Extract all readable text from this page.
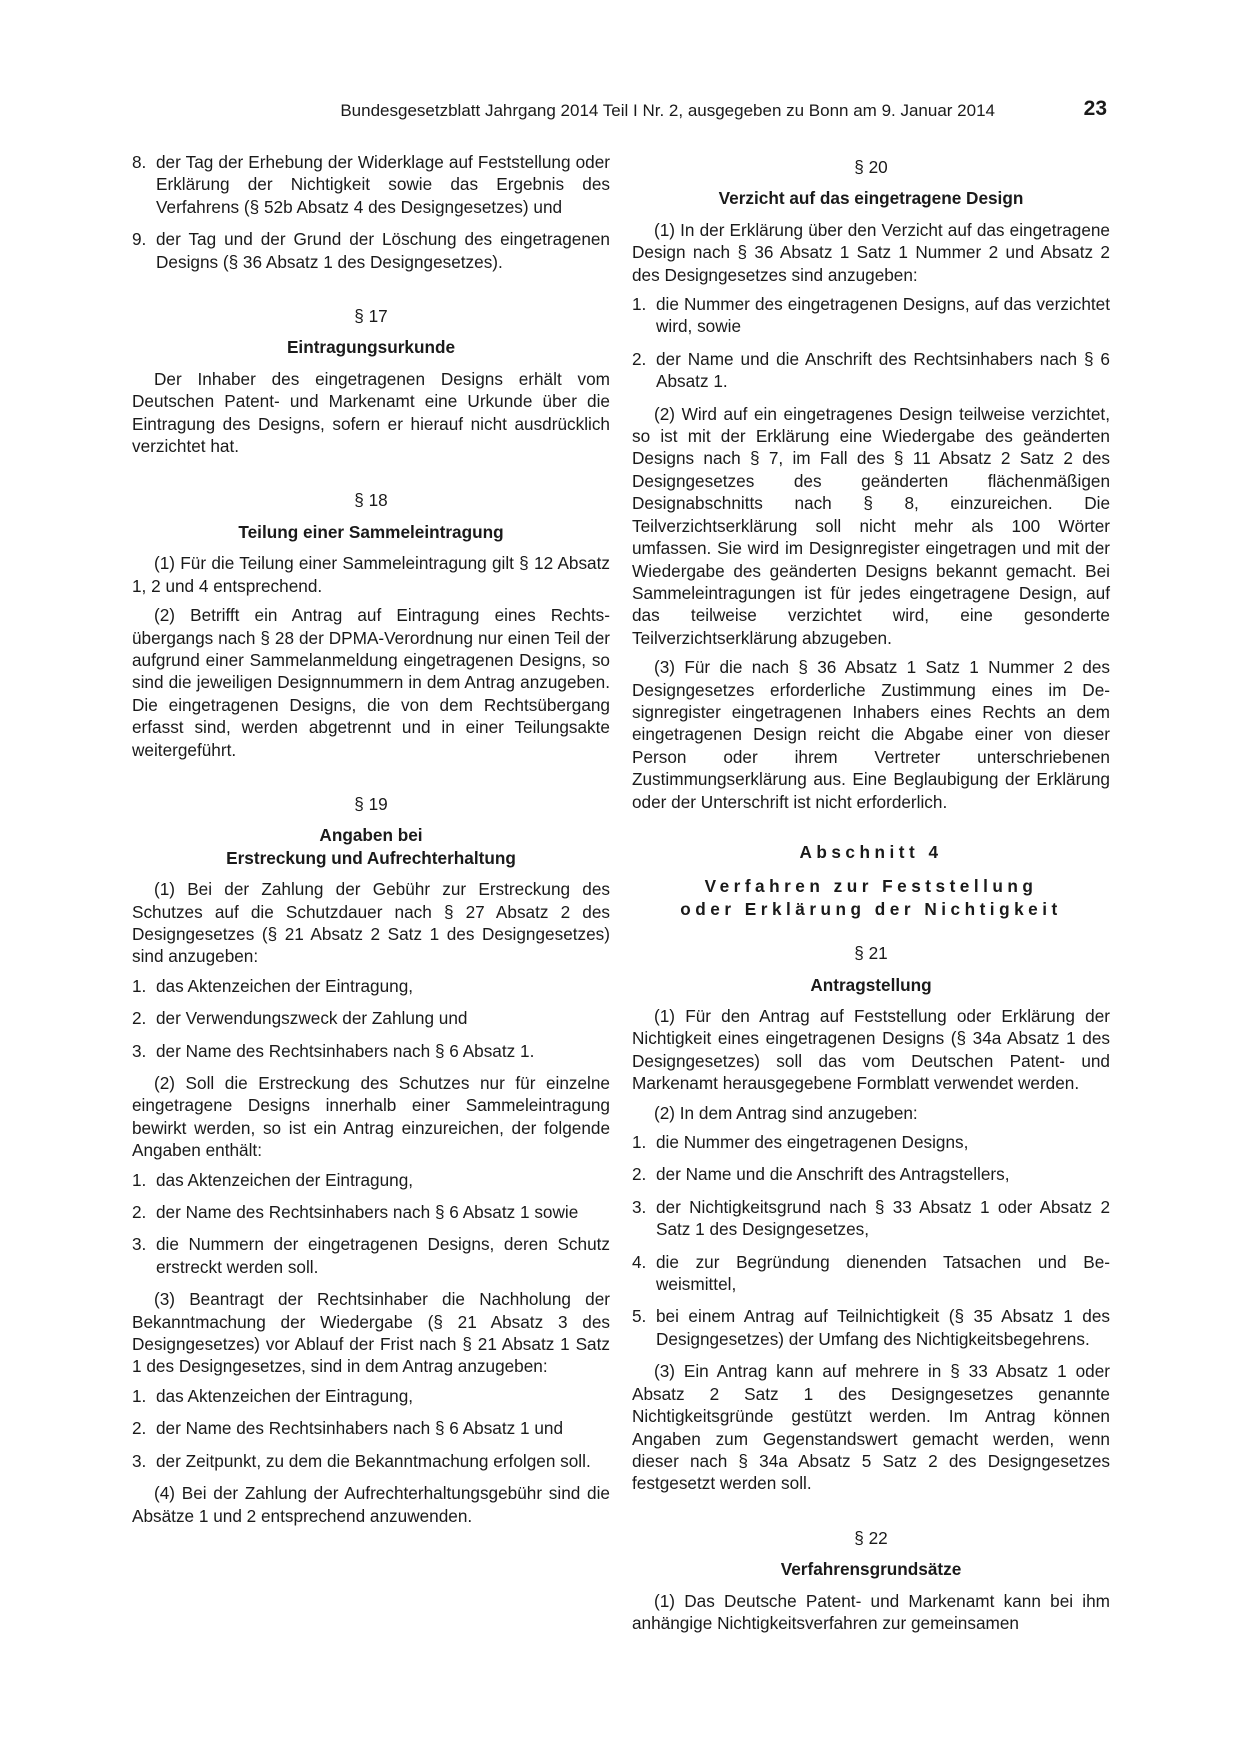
Bundesgesetzblatt Jahrgang 2014 Teil I Nr. 2, ausgegeben zu Bonn am 9. Januar 2014	23
8. der Tag der Erhebung der Widerklage auf Feststellung oder Erklärung der Nichtigkeit sowie das Ergebnis des Verfahrens (§ 52b Absatz 4 des Designgesetzes) und
9. der Tag und der Grund der Löschung des eingetragenen Designs (§ 36 Absatz 1 des Designgesetzes).
§ 17
Eintragungsurkunde

Der Inhaber des eingetragenen Designs erhält vom Deutschen Patent- und Markenamt eine Urkunde über die Eintragung des Designs, sofern er hierauf nicht ausdrücklich verzichtet hat.

§ 18
Teilung einer Sammeleintragung

(1) Für die Teilung einer Sammeleintragung gilt § 12 Absatz 1, 2 und 4 entsprechend.

(2) Betrifft ein Antrag auf Eintragung eines Rechtsübergangs nach § 28 der DPMA-Verordnung nur einen Teil der aufgrund einer Sammelanmeldung eingetragenen Designs, so sind die jeweiligen Designnummern in dem Antrag anzugeben. Die eingetragenen Designs, die von dem Rechtsübergang erfasst sind, werden abgetrennt und in einer Teilungsakte weitergeführt.

§ 19
Angaben bei
Erstreckung und Aufrechterhaltung

(1) Bei der Zahlung der Gebühr zur Erstreckung des Schutzes auf die Schutzdauer nach § 27 Absatz 2 des Designgesetzes (§ 21 Absatz 2 Satz 1 des Designgesetzes) sind anzugeben:

1. das Aktenzeichen der Eintragung,
2. der Verwendungszweck der Zahlung und
3. der Name des Rechtsinhabers nach § 6 Absatz 1.

(2) Soll die Erstreckung des Schutzes nur für einzelne eingetragene Designs innerhalb einer Sammeleintragung bewirkt werden, so ist ein Antrag einzureichen, der folgende Angaben enthält:

1. das Aktenzeichen der Eintragung,
2. der Name des Rechtsinhabers nach § 6 Absatz 1 sowie
3. die Nummern der eingetragenen Designs, deren Schutz erstreckt werden soll.

(3) Beantragt der Rechtsinhaber die Nachholung der Bekanntmachung der Wiedergabe (§ 21 Absatz 3 des Designgesetzes) vor Ablauf der Frist nach § 21 Absatz 1 Satz 1 des Designgesetzes, sind in dem Antrag anzugeben:

1. das Aktenzeichen der Eintragung,
2. der Name des Rechtsinhabers nach § 6 Absatz 1 und
3. der Zeitpunkt, zu dem die Bekanntmachung erfolgen soll.

(4) Bei der Zahlung der Aufrechterhaltungsgebühr sind die Absätze 1 und 2 entsprechend anzuwenden.

§ 20
Verzicht auf das eingetragene Design

(1) In der Erklärung über den Verzicht auf das eingetragene Design nach § 36 Absatz 1 Satz 1 Nummer 2 und Absatz 2 des Designgesetzes sind anzugeben:

1. die Nummer des eingetragenen Designs, auf das verzichtet wird, sowie
2. der Name und die Anschrift des Rechtsinhabers nach § 6 Absatz 1.

(2) Wird auf ein eingetragenes Design teilweise verzichtet, so ist mit der Erklärung eine Wiedergabe des geänderten Designs nach § 7, im Fall des § 11 Absatz 2 Satz 2 des Designgesetzes des geänderten flächenmäßigen Designabschnitts nach § 8, einzureichen. Die Teilverzichtserklärung soll nicht mehr als 100 Wörter umfassen. Sie wird im Designregister eingetragen und mit der Wiedergabe des geänderten Designs bekannt gemacht. Bei Sammeleintragungen ist für jedes eingetragene Design, auf das teilweise verzichtet wird, eine gesonderte Teilverzichtserklärung abzugeben.

(3) Für die nach § 36 Absatz 1 Satz 1 Nummer 2 des Designgesetzes erforderliche Zustimmung eines im Designregister eingetragenen Inhabers eines Rechts an dem eingetragenen Design reicht die Abgabe einer von dieser Person oder ihrem Vertreter unterschriebenen Zustimmungserklärung aus. Eine Beglaubigung der Erklärung oder der Unterschrift ist nicht erforderlich.

Abschnitt 4
Verfahren zur Feststellung
oder Erklärung der Nichtigkeit
§ 21
Antragstellung

(1) Für den Antrag auf Feststellung oder Erklärung der Nichtigkeit eines eingetragenen Designs (§ 34a Absatz 1 des Designgesetzes) soll das vom Deutschen Patent- und Markenamt herausgegebene Formblatt verwendet werden.

(2) In dem Antrag sind anzugeben:

1. die Nummer des eingetragenen Designs,
2. der Name und die Anschrift des Antragstellers,
3. der Nichtigkeitsgrund nach § 33 Absatz 1 oder Absatz 2 Satz 1 des Designgesetzes,
4. die zur Begründung dienenden Tatsachen und Beweismittel,
5. bei einem Antrag auf Teilnichtigkeit (§ 35 Absatz 1 des Designgesetzes) der Umfang des Nichtigkeitsbegehrens.

(3) Ein Antrag kann auf mehrere in § 33 Absatz 1 oder Absatz 2 Satz 1 des Designgesetzes genannte Nichtigkeitsgründe gestützt werden. Im Antrag können Angaben zum Gegenstandswert gemacht werden, wenn dieser nach § 34a Absatz 5 Satz 2 des Designgesetzes festgesetzt werden soll.

§ 22
Verfahrensgrundsätze

(1) Das Deutsche Patent- und Markenamt kann bei ihm anhängige Nichtigkeitsverfahren zur gemeinsamen
